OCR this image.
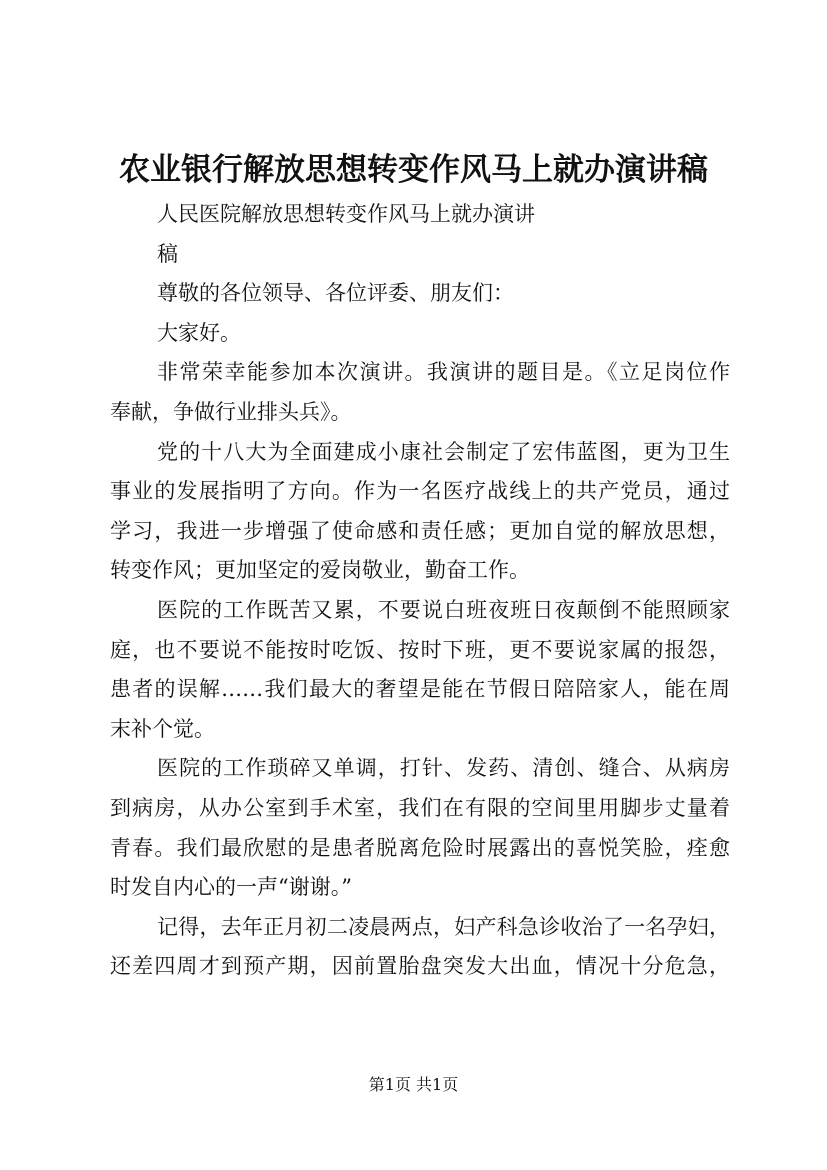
农业银行解放思想转变作风马上就办演讲稿

人民医院解放思想转变作风马上就办演讲

稿

尊敬的各位领导、各位评委、朋友们：

大家好。

非常荣幸能参加本次演讲。我演讲的题目是。《立足岗位作

奉献，争做行业排头兵》。

党的十八大为全面建成小康社会制定了宏伟蓝图，更为卫生

事业的发展指明了方向。作为一名医疗战线上的共产党员，通过

学习，我进一步增强了使命感和责任感；更加自觉的解放思想，

转变作风；更加坚定的爱岗敬业，勤奋工作。

医院的工作既苦又累，不要说白班夜班日夜颠倒不能照顾家

庭，也不要说不能按时吃饭、按时下班，更不要说家属的报怨，

患者的误解……我们最大的奢望是能在节假日陪陪家人，能在周

末补个觉。

医院的工作琐碎又单调，打针、发药、清创、缝合、从病房

到病房，从办公室到手术室，我们在有限的空间里用脚步丈量着

青春。我们最欣慰的是患者脱离危险时展露出的喜悦笑脸，痊愈

时发自内心的一声“谢谢。”

记得，去年正月初二凌晨两点，妇产科急诊收治了一名孕妇，

还差四周才到预产期，因前置胎盘突发大出血，情况十分危急，

第1页 共1页
